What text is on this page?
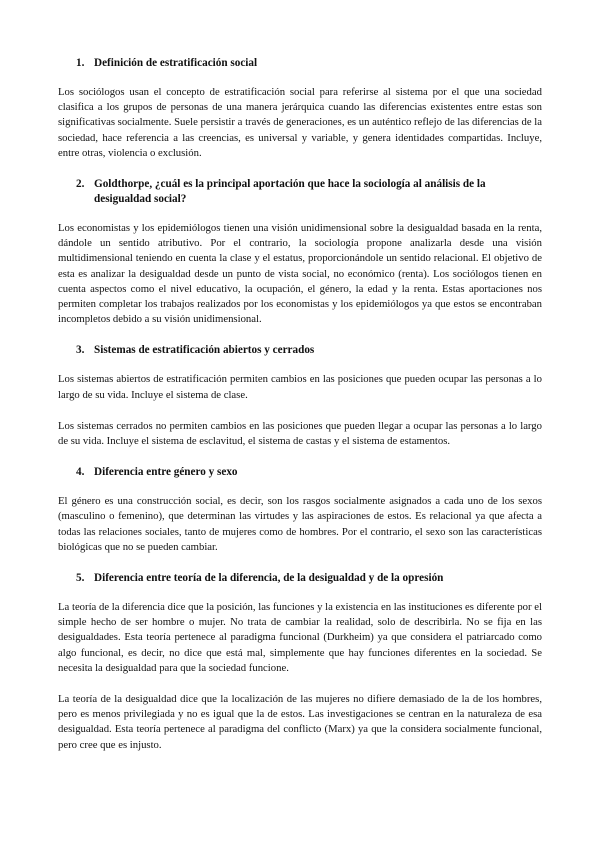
1. Definición de estratificación social

Los sociólogos usan el concepto de estratificación social para referirse al sistema por el que una sociedad clasifica a los grupos de personas de una manera jerárquica cuando las diferencias existentes entre estas son significativas socialmente. Suele persistir a través de generaciones, es un auténtico reflejo de las diferencias de la sociedad, hace referencia a las creencias, es universal y variable, y genera identidades compartidas. Incluye, entre otras, violencia o exclusión.

2. Goldthorpe, ¿cuál es la principal aportación que hace la sociología al análisis de la desigualdad social?

Los economistas y los epidemiólogos tienen una visión unidimensional sobre la desigualdad basada en la renta, dándole un sentido atributivo. Por el contrario, la sociología propone analizarla desde una visión multidimensional teniendo en cuenta la clase y el estatus, proporcionándole un sentido relacional. El objetivo de esta es analizar la desigualdad desde un punto de vista social, no económico (renta). Los sociólogos tienen en cuenta aspectos como el nivel educativo, la ocupación, el género, la edad y la renta. Estas aportaciones nos permiten completar los trabajos realizados por los economistas y los epidemiólogos ya que estos se encontraban incompletos debido a su visión unidimensional.

3. Sistemas de estratificación abiertos y cerrados

Los sistemas abiertos de estratificación permiten cambios en las posiciones que pueden ocupar las personas a lo largo de su vida. Incluye el sistema de clase.

Los sistemas cerrados no permiten cambios en las posiciones que pueden llegar a ocupar las personas a lo largo de su vida. Incluye el sistema de esclavitud, el sistema de castas y el sistema de estamentos.

4. Diferencia entre género y sexo

El género es una construcción social, es decir, son los rasgos socialmente asignados a cada uno de los sexos (masculino o femenino), que determinan las virtudes y las aspiraciones de estos. Es relacional ya que afecta a todas las relaciones sociales, tanto de mujeres como de hombres. Por el contrario, el sexo son las características biológicas que no se pueden cambiar.

5. Diferencia entre teoría de la diferencia, de la desigualdad y de la opresión

La teoría de la diferencia dice que la posición, las funciones y la existencia en las instituciones es diferente por el simple hecho de ser hombre o mujer. No trata de cambiar la realidad, solo de describirla. No se fija en las desigualdades. Esta teoría pertenece al paradigma funcional (Durkheim) ya que considera el patriarcado como algo funcional, es decir, no dice que está mal, simplemente que hay funciones diferentes en la sociedad. Se necesita la desigualdad para que la sociedad funcione.

La teoría de la desigualdad dice que la localización de las mujeres no difiere demasiado de la de los hombres, pero es menos privilegiada y no es igual que la de estos. Las investigaciones se centran en la naturaleza de esa desigualdad. Esta teoría pertenece al paradigma del conflicto (Marx) ya que la considera socialmente funcional, pero cree que es injusto.
